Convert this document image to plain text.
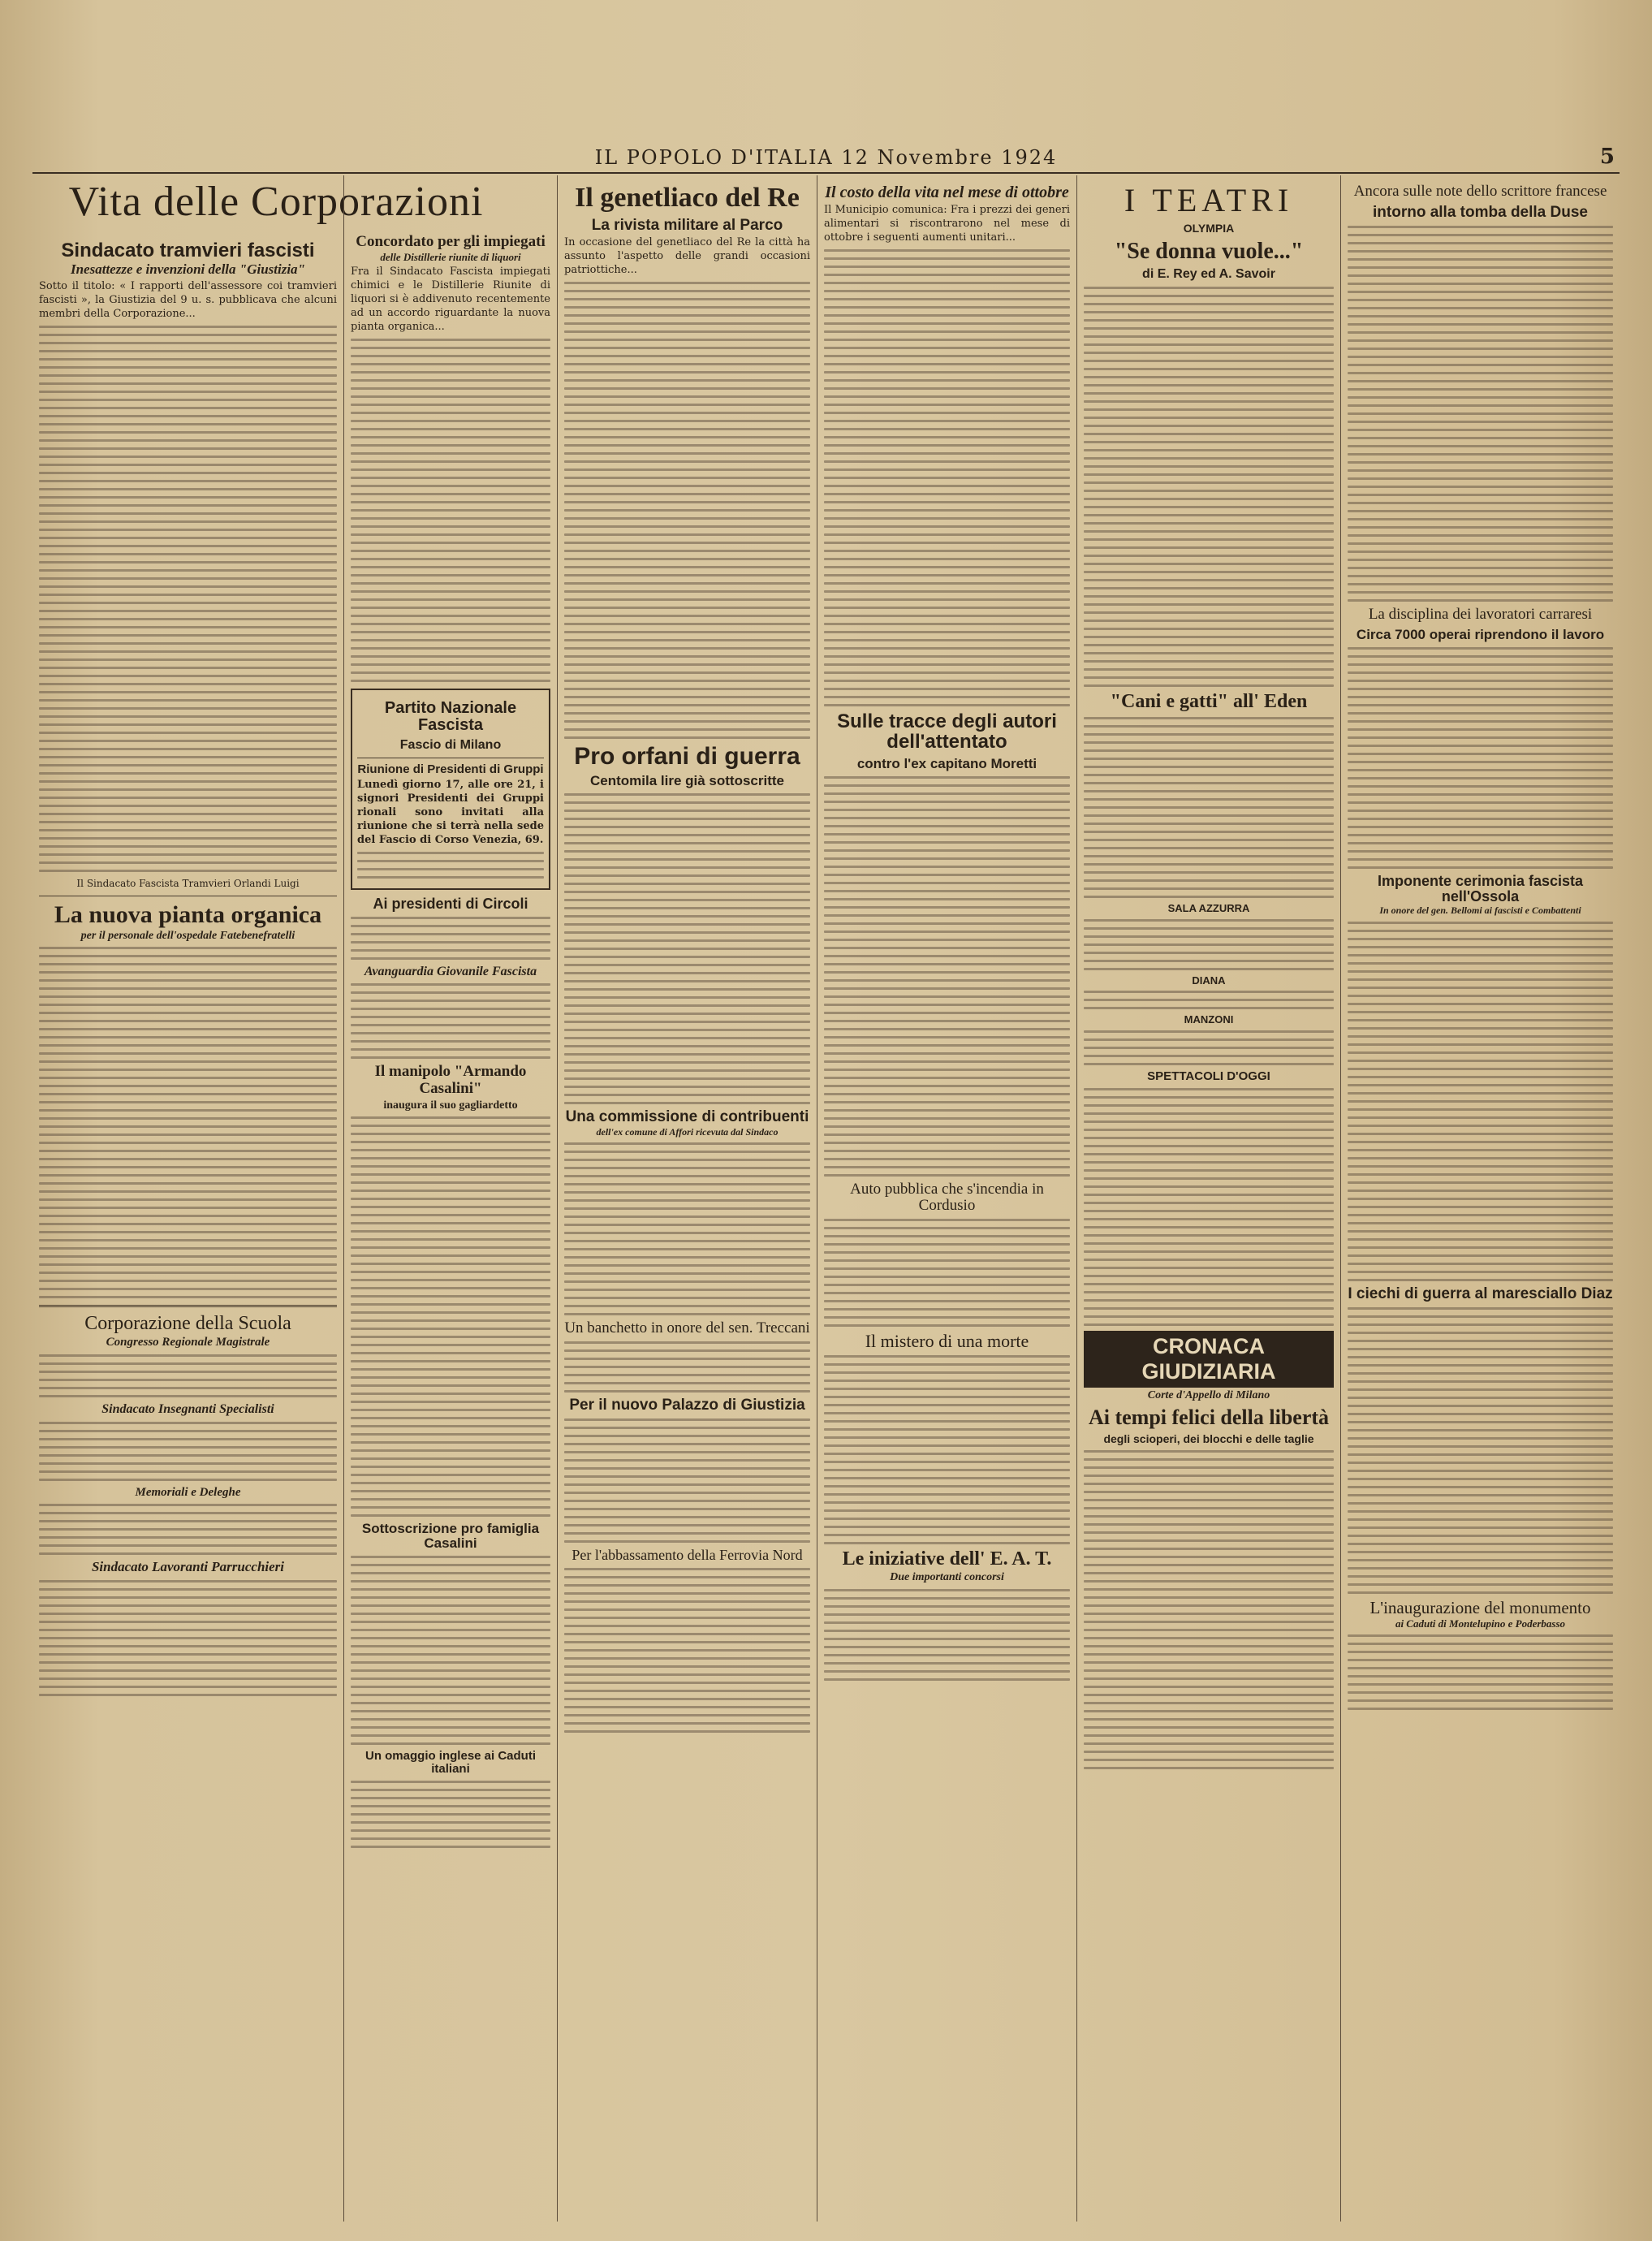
IL POPOLO D'ITALIA 12 Novembre 1924	5
Vita delle Corporazioni
Sindacato tramvieri fascisti
Inesattezze e invenzioni della "Giustizia"
Sotto il titolo: « I rapporti dell'assessore coi tramvieri fascisti », la Giustizia del 9 u. s. pubblicava che alcuni membri della Corporazione...
Il Sindacato Fascista Tramvieri Orlandi Luigi
La nuova pianta organica
per il personale dell'ospedale Fatebenefratelli
Corporazione della Scuola
Congresso Regionale Magistrale
Sindacato Insegnanti Specialisti
Memoriali e Deleghe
Sindacato Lavoranti Parrucchieri
Concordato per gli impiegati
delle Distillerie riunite di liquori
Fra il Sindacato Fascista impiegati chimici e le Distillerie Riunite di liquori si è addivenuto recentemente ad un accordo riguardante la nuova pianta organica...
Partito Nazionale Fascista
Fascio di Milano
Riunione di Presidenti di Gruppi
Lunedì giorno 17, alle ore 21, i signori Presidenti dei Gruppi rionali sono invitati alla riunione che si terrà nella sede del Fascio di Corso Venezia, 69.
Ai presidenti di Circoli
Avanguardia Giovanile Fascista
Il manipolo "Armando Casalini"
inaugura il suo gagliardetto
Sottoscrizione pro famiglia Casalini
Un omaggio inglese ai Caduti italiani
Il genetliaco del Re
La rivista militare al Parco
In occasione del genetliaco del Re la città ha assunto l'aspetto delle grandi occasioni patriottiche...
Pro orfani di guerra
Centomila lire già sottoscritte
Una commissione di contribuenti
dell'ex comune di Affori ricevuta dal Sindaco
Un banchetto in onore del sen. Treccani
Per il nuovo Palazzo di Giustizia
Per l'abbassamento della Ferrovia Nord
Il costo della vita nel mese di ottobre
Il Municipio comunica: Fra i prezzi dei generi alimentari si riscontrarono nel mese di ottobre i seguenti aumenti unitari...
Sulle tracce degli autori dell'attentato
contro l'ex capitano Moretti
Auto pubblica che s'incendia in Cordusio
Il mistero di una morte
Le iniziative dell' E. A. T.
Due importanti concorsi
I TEATRI
OLYMPIA
"Se donna vuole..."
di E. Rey ed A. Savoir
"Cani e gatti" all' Eden
SALA AZZURRA
DIANA
MANZONI
SPETTACOLI D'OGGI
CRONACA GIUDIZIARIA
Corte d'Appello di Milano
Ai tempi felici della libertà
degli scioperi, dei blocchi e delle taglie
Ancora sulle note dello scrittore francese
intorno alla tomba della Duse
La disciplina dei lavoratori carraresi
Circa 7000 operai riprendono il lavoro
Imponente cerimonia fascista nell'Ossola
In onore del gen. Bellomi ai fascisti e Combattenti
I ciechi di guerra al maresciallo Diaz
L'inaugurazione del monumento
ai Caduti di Montelupino e Poderbasso
